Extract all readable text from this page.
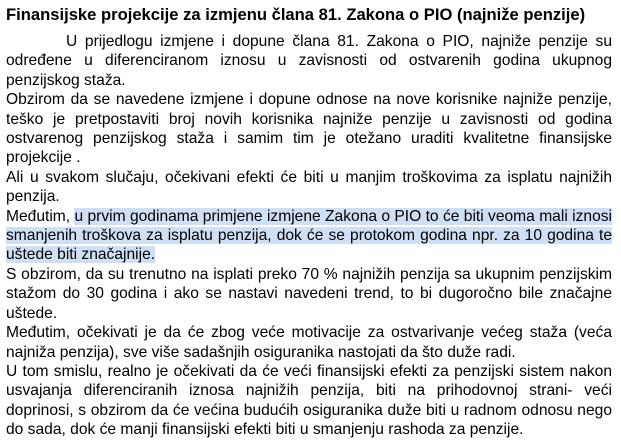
Finansijske projekcije za izmjenu člana 81. Zakona o PIO (najniže penzije)

U prijedlogu izmjene i dopune člana 81. Zakona o PIO, najniže penzije su određene u diferenciranom iznosu u zavisnosti od ostvarenih godina ukupnog penzijskog staža.

Obzirom da se navedene izmjene i dopune odnose na nove korisnike najniže penzije, teško je pretpostaviti broj novih korisnika najniže penzije u zavisnosti od godina ostvarenog penzijskog staža i samim tim je otežano uraditi kvalitetne finansijske projekcije .

Ali u svakom slučaju, očekivani efekti će biti u manjim troškovima za isplatu najnižih penzija.

Međutim, u prvim godinama primjene izmjene Zakona o PIO to će biti veoma mali iznosi smanjenih troškova za isplatu penzija, dok će se protokom godina npr. za 10 godina te uštede biti značajnije.

S obzirom, da su trenutno na isplati preko 70 % najnižih penzija sa ukupnim penzijskim stažom do 30 godina i ako se nastavi navedeni trend, to bi dugoročno bile značajne uštede.

Međutim, očekivati je da će zbog veće motivacije za ostvarivanje većeg staža (veća najniža penzija), sve više sadašnjih osiguranika nastojati da što duže radi.

U tom smislu, realno je očekivati da će veći finansijski efekti za penzijski sistem nakon usvajanja diferenciranih iznosa najnižih penzija, biti na prihodovnoj strani- veći doprinosi, s obzirom da će većina budućih osiguranika duže biti u radnom odnosu nego do sada, dok će manji finansijski efekti biti u smanjenju rashoda za penzije.
